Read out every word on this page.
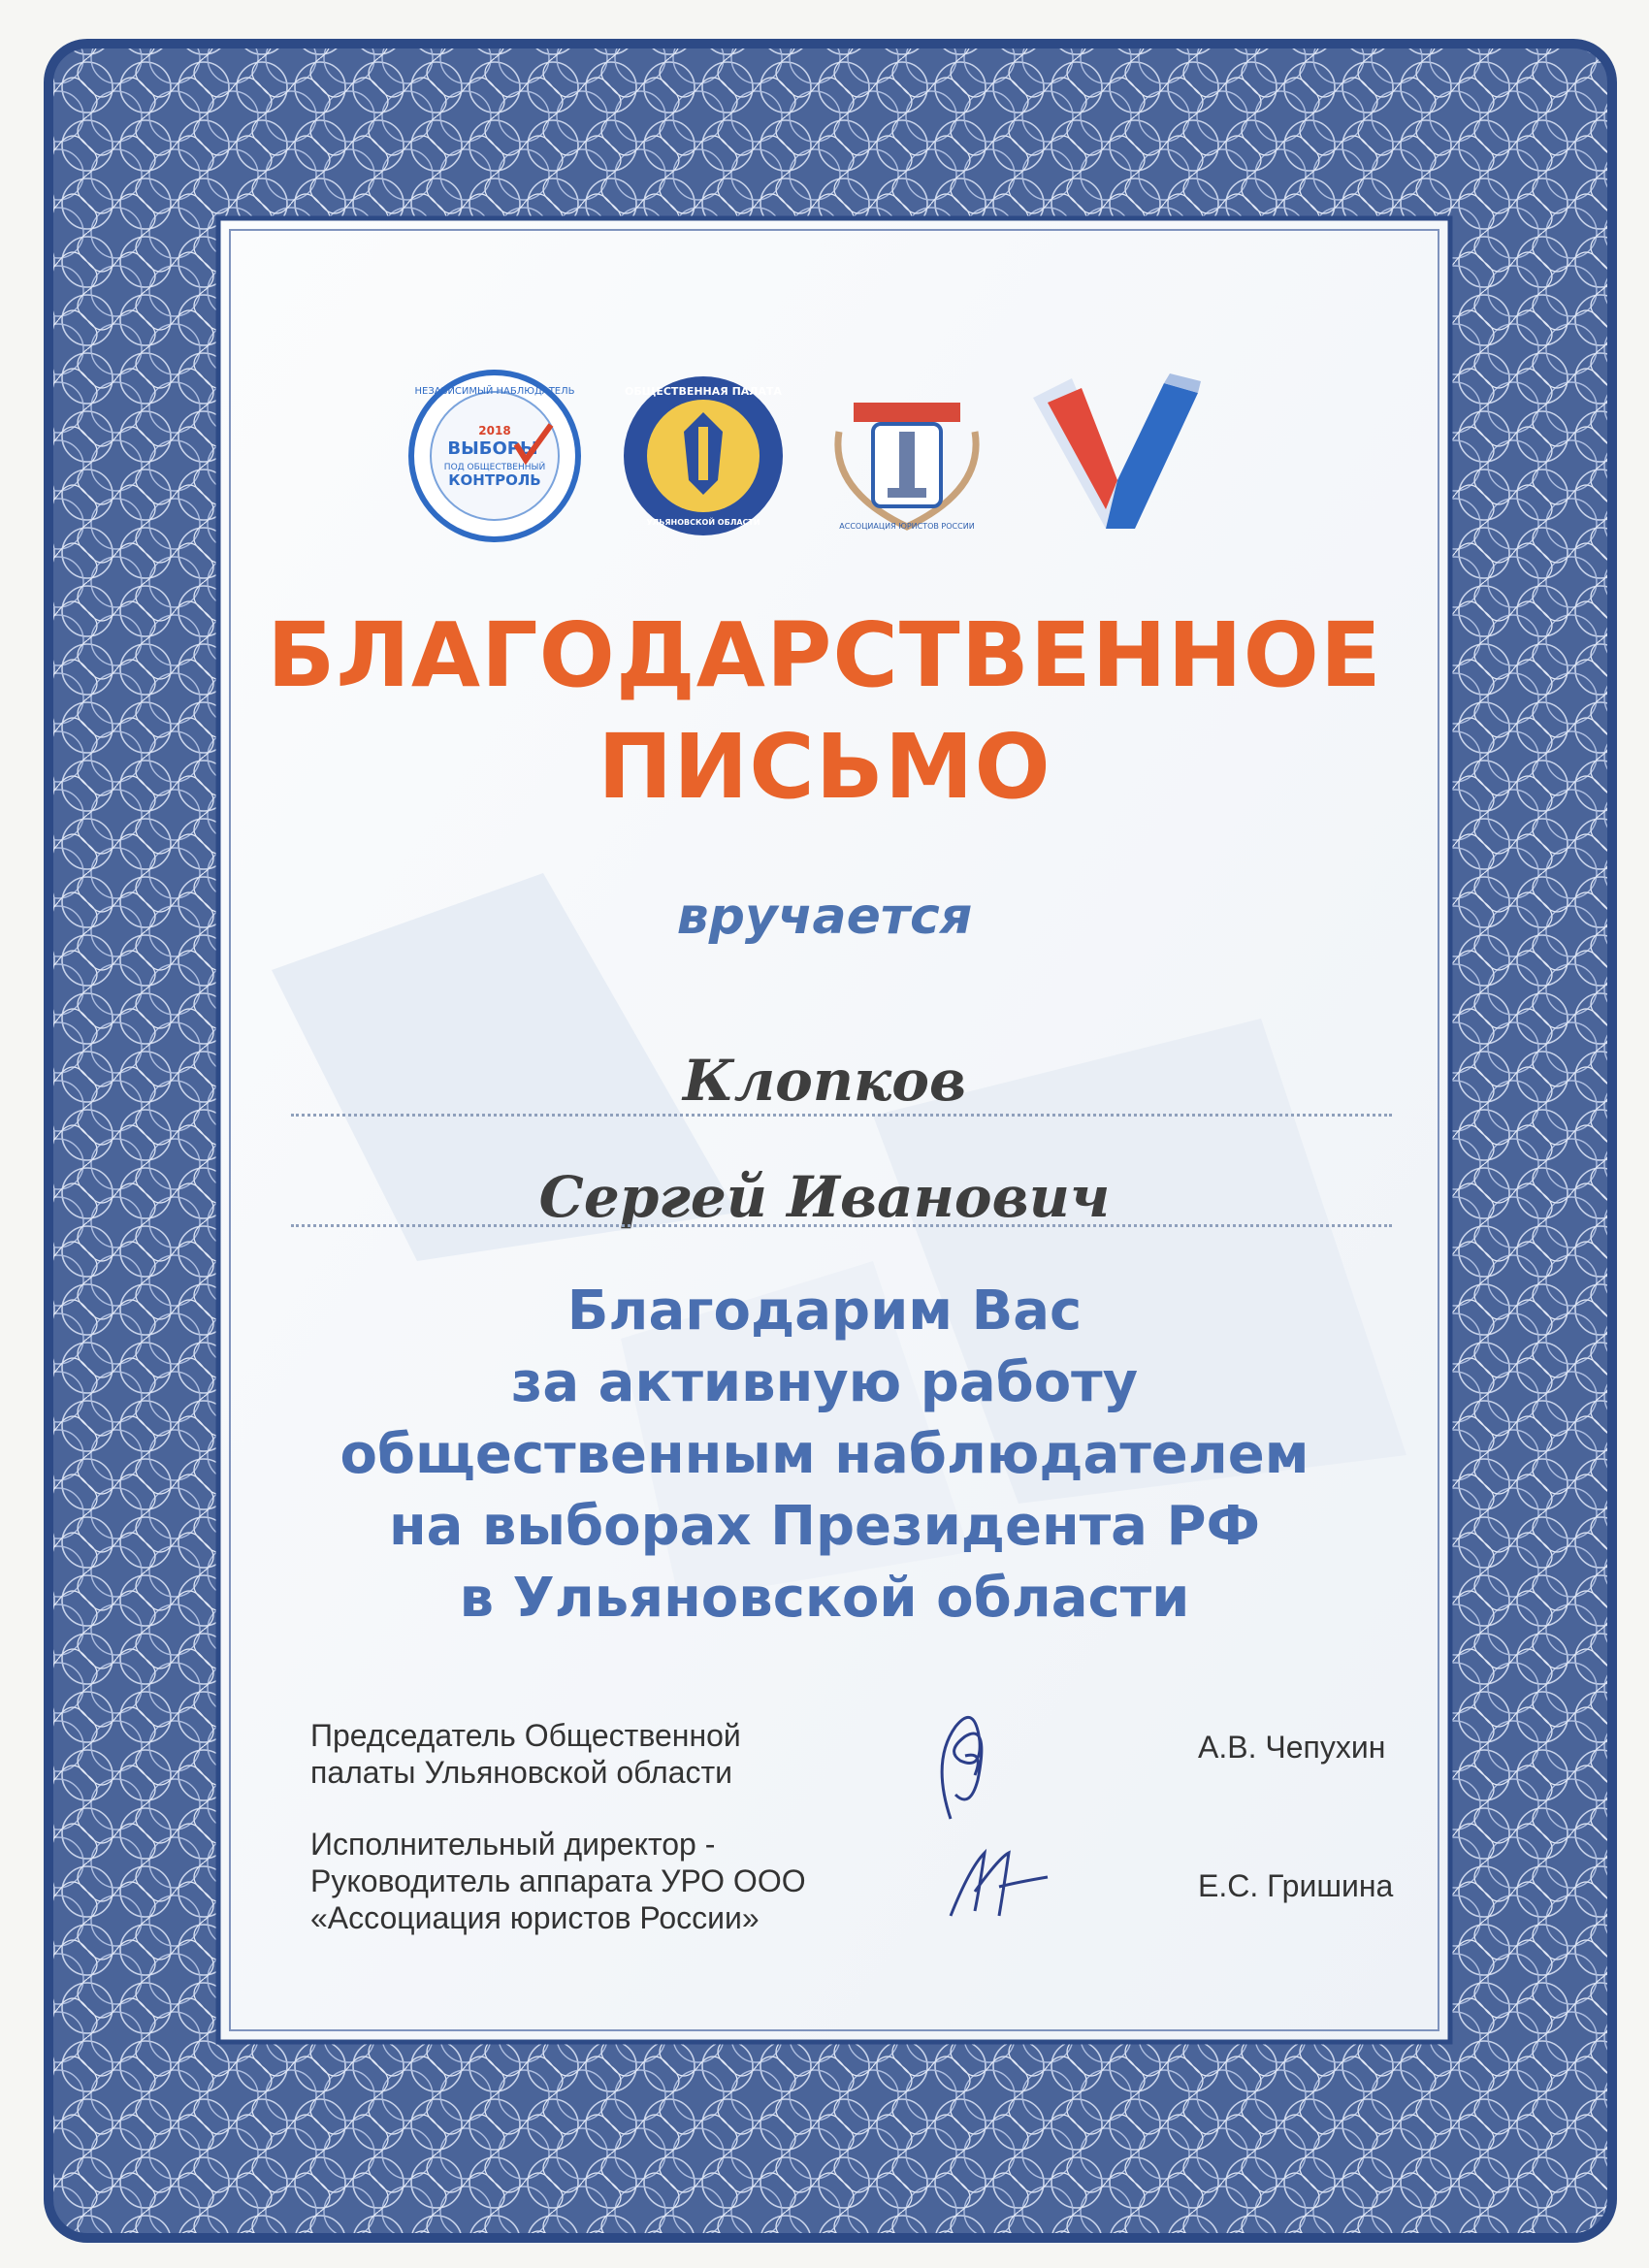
2018
ВЫБОРЫ
ПОД ОБЩЕСТВЕННЫЙ
КОНТРОЛЬ
НЕЗАВИСИМЫЙ НАБЛЮДАТЕЛЬ	ОБЩЕСТВЕННАЯ ПАЛАТА
УЛЬЯНОВСКОЙ ОБЛАСТИ	АССОЦИАЦИЯ ЮРИСТОВ РОССИИ
БЛАГОДАРСТВЕННОЕ
ПИСЬМО
вручается
Клопков
Сергей Иванович
Благодарим Вас
за активную работу
общественным наблюдателем
на выборах Президента РФ
в Ульяновской области
Председатель Общественной
палаты Ульяновской области
А.В. Чепухин
Исполнительный директор -
Руководитель аппарата УРО ООО
«Ассоциация юристов России»
Е.С. Гришина
